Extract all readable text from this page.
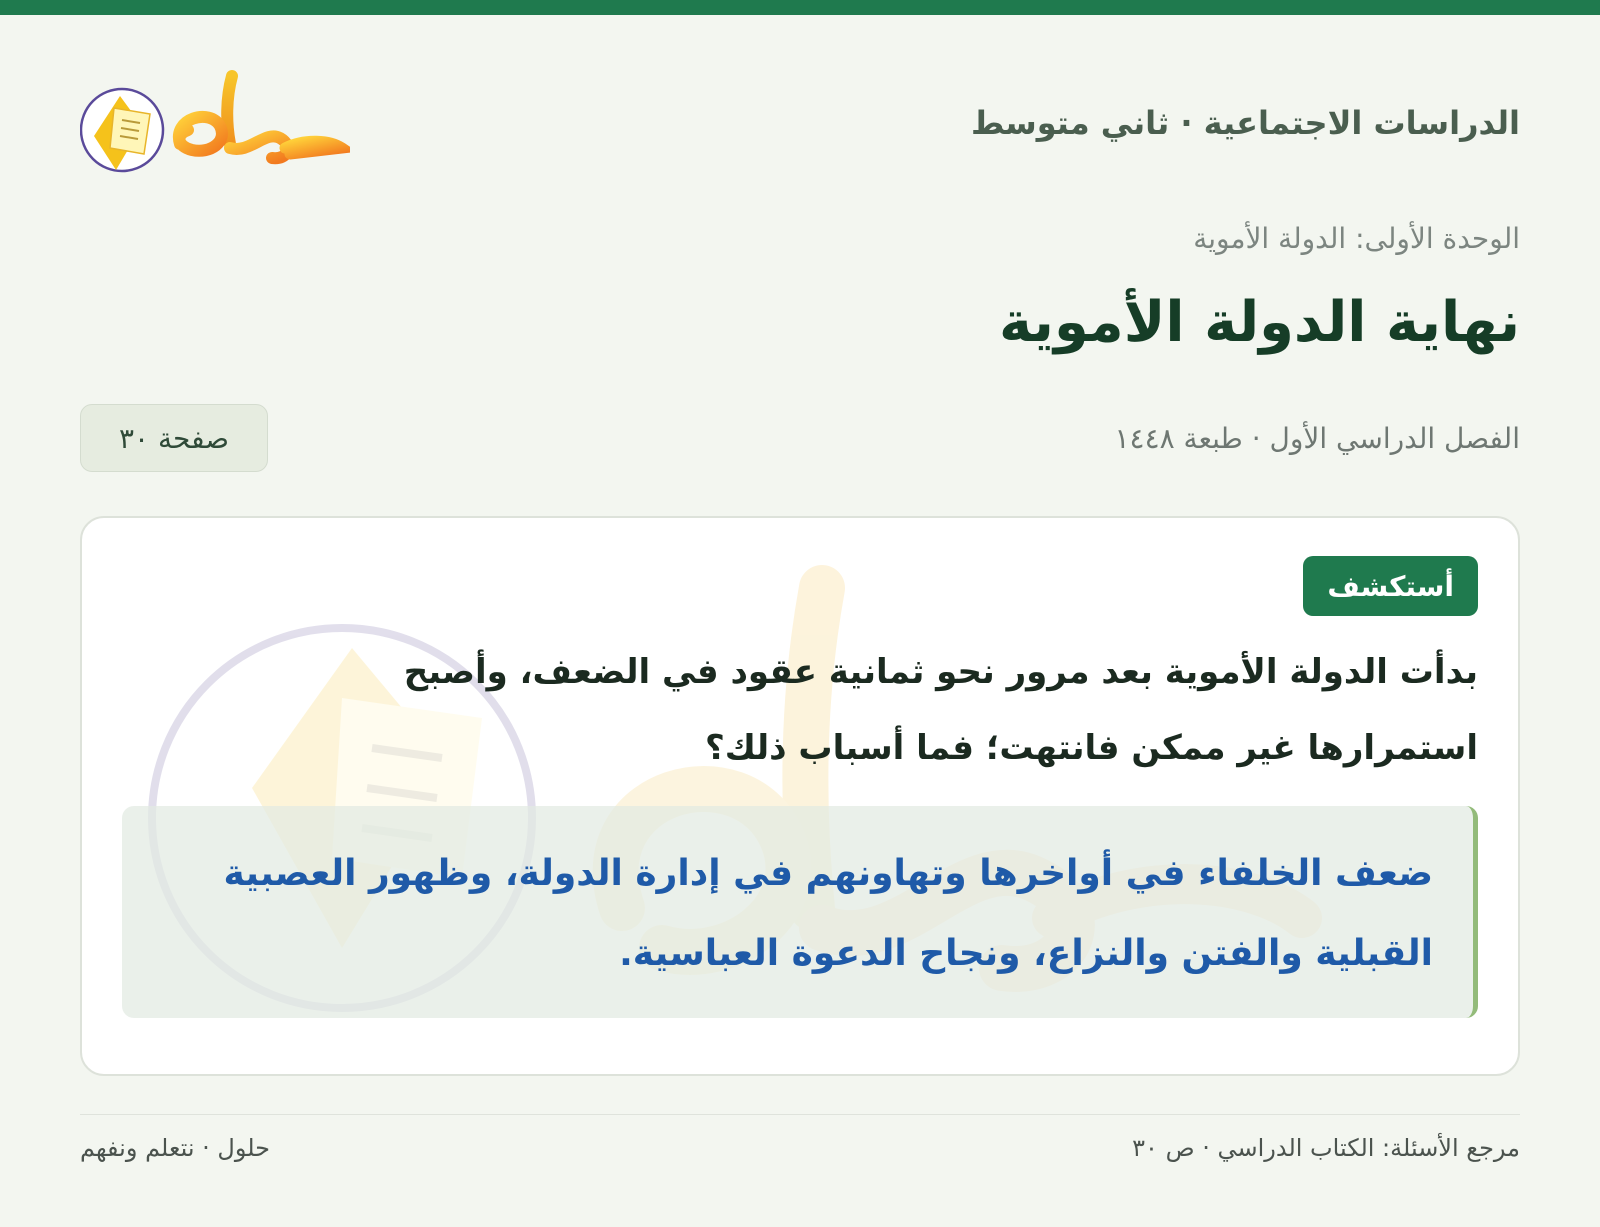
الدراسات الاجتماعية · ثاني متوسط
حلول
الوحدة الأولى: الدولة الأموية
نهاية الدولة الأموية
الفصل الدراسي الأول · طبعة ١٤٤٨
صفحة ٣٠
أستكشف

بدأت الدولة الأموية بعد مرور نحو ثمانية عقود في الضعف، وأصبح استمرارها غير ممكن فانتهت؛ فما أسباب ذلك؟

ضعف الخلفاء في أواخرها وتهاونهم في إدارة الدولة، وظهور العصبية القبلية والفتن والنزاع، ونجاح الدعوة العباسية.

مرجع الأسئلة: الكتاب الدراسي · ص ٣٠
حلول · نتعلم ونفهم
